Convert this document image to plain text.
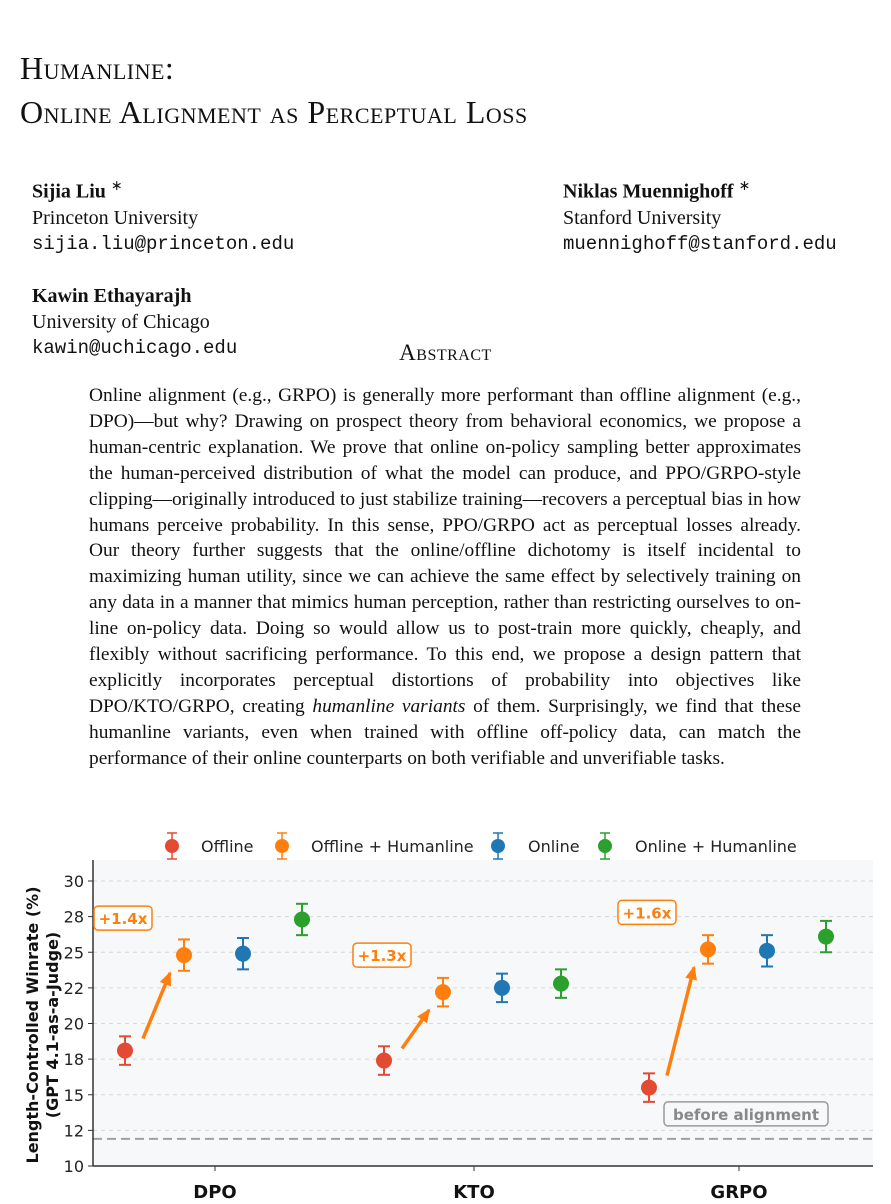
Humanline:
Online Alignment as Perceptual Loss
Sijia Liu ∗
Princeton University
sijia.liu@princeton.edu
Niklas Muennighoff ∗
Stanford University
muennighoff@stanford.edu
Kawin Ethayarajh
University of Chicago
kawin@uchicago.edu	Abstract
Online alignment (e.g., GRPO) is generally more performant than offline alignment (e.g., DPO)—but why? Drawing on prospect theory from behavioral economics, we propose a human-centric explanation. We prove that online on-policy sampling better approximates the human-perceived distribution of what the model can produce, and PPO/GRPO-style clipping—originally introduced to just stabilize training—recovers a perceptual bias in how humans perceive probability. In this sense, PPO/GRPO act as perceptual losses already. Our theory further suggests that the online/offline dichotomy is itself incidental to maximizing human utility, since we can achieve the same effect by selectively training on any data in a manner that mimics human perception, rather than restricting ourselves to online on-policy data. Doing so would allow us to post-train more quickly, cheaply, and flexibly without sacrificing performance. To this end, we propose a design pattern that explicitly incorporates perceptual distortions of probability into objectives like DPO/KTO/GRPO, creating humanline variants of them. Surprisingly, we find that these humanline variants, even when trained with offline off-policy data, can match the performance of their online counterparts on both verifiable and unverifiable tasks.
10
12
15
18
20
22
25
28
30
before alignment
DPO	KTO	GRPO
Length-Controlled Winrate (%) (GPT 4.1-as-a-Judge)
+1.4x
+1.3x
+1.6x
Offline	Offline + Humanline	Online	Online + Humanline
